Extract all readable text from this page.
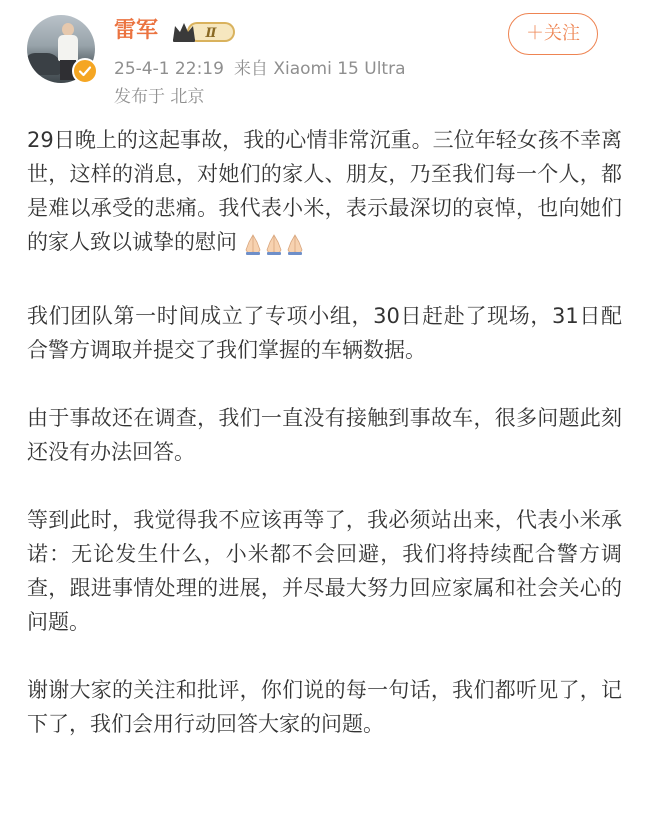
雷军	Ⅱ
25-4-1 22:19 来自 Xiaomi 15 Ultra
发布于 北京
＋关注

29日晚上的这起事故，我的心情非常沉重。三位年轻女孩不幸离世，这样的消息，对她们的家人、朋友，乃至我们每一个人，都是难以承受的悲痛。我代表小米，表示最深切的哀悼，也向她们的家人致以诚挚的慰问

我们团队第一时间成立了专项小组，30日赶赴了现场，31日配合警方调取并提交了我们掌握的车辆数据。

由于事故还在调查，我们一直没有接触到事故车，很多问题此刻还没有办法回答。

等到此时，我觉得我不应该再等了，我必须站出来，代表小米承诺：无论发生什么，小米都不会回避，我们将持续配合警方调查，跟进事情处理的进展，并尽最大努力回应家属和社会关心的问题。

谢谢大家的关注和批评，你们说的每一句话，我们都听见了，记下了，我们会用行动回答大家的问题。
